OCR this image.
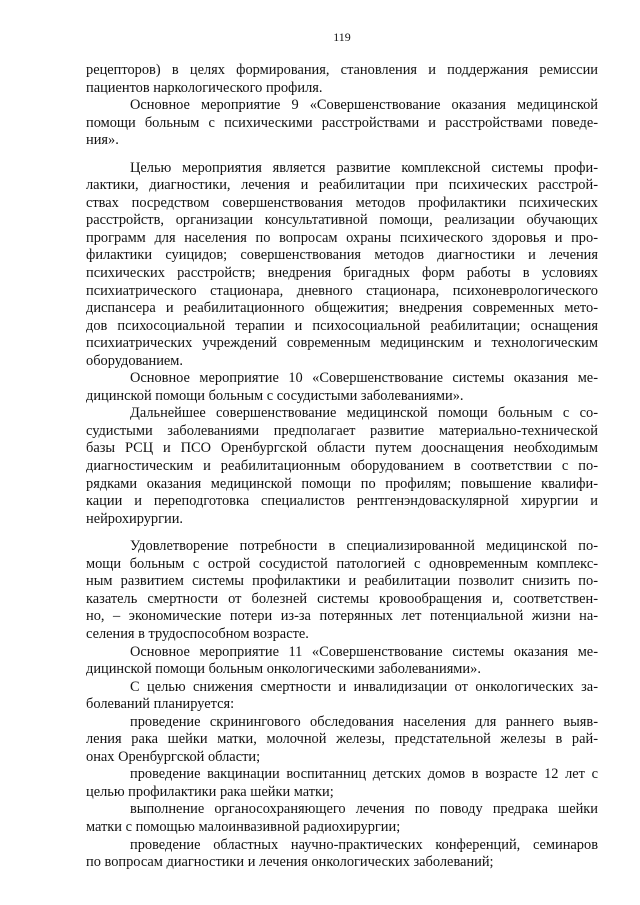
119
рецепторов) в целях формирования, становления и поддержания ремиссии
пациентов наркологического профиля.
Основное мероприятие 9 «Совершенствование оказания медицинской
помощи больным с психическими расстройствами и расстройствами поведе-
ния».
Целью мероприятия является развитие комплексной системы профи-
лактики, диагностики, лечения и реабилитации при психических расстрой-
ствах посредством совершенствования методов профилактики психических
расстройств, организации консультативной помощи, реализации обучающих
программ для населения по вопросам охраны психического здоровья и про-
филактики суицидов; совершенствования методов диагностики и лечения
психических расстройств; внедрения бригадных форм работы в условиях
психиатрического стационара, дневного стационара, психоневрологического
диспансера и реабилитационного общежития; внедрения современных мето-
дов психосоциальной терапии и психосоциальной реабилитации; оснащения
психиатрических учреждений современным медицинским и технологическим
оборудованием.
Основное мероприятие 10 «Совершенствование системы оказания ме-
дицинской помощи больным с сосудистыми заболеваниями».
Дальнейшее совершенствование медицинской помощи больным с со-
судистыми заболеваниями предполагает развитие материально-технической
базы РСЦ и ПСО Оренбургской области путем дооснащения необходимым
диагностическим и реабилитационным оборудованием в соответствии с по-
рядками оказания медицинской помощи по профилям; повышение квалифи-
кации и переподготовка специалистов рентгенэндоваскулярной хирургии и
нейрохирургии.
Удовлетворение потребности в специализированной медицинской по-
мощи больным с острой сосудистой патологией с одновременным комплекс-
ным развитием системы профилактики и реабилитации позволит снизить по-
казатель смертности от болезней системы кровообращения и, соответствен-
но, – экономические потери из-за потерянных лет потенциальной жизни на-
селения в трудоспособном возрасте.
Основное мероприятие 11 «Совершенствование системы оказания ме-
дицинской помощи больным онкологическими заболеваниями».
С целью снижения смертности и инвалидизации от онкологических за-
болеваний планируется:
проведение скринингового обследования населения для раннего выяв-
ления рака шейки матки, молочной железы, предстательной железы в рай-
онах Оренбургской области;
проведение вакцинации воспитанниц детских домов в возрасте 12 лет с
целью профилактики рака шейки матки;
выполнение органосохраняющего лечения по поводу предрака шейки
матки с помощью малоинвазивной радиохирургии;
проведение областных научно-практических конференций, семинаров
по вопросам диагностики и лечения онкологических заболеваний;
